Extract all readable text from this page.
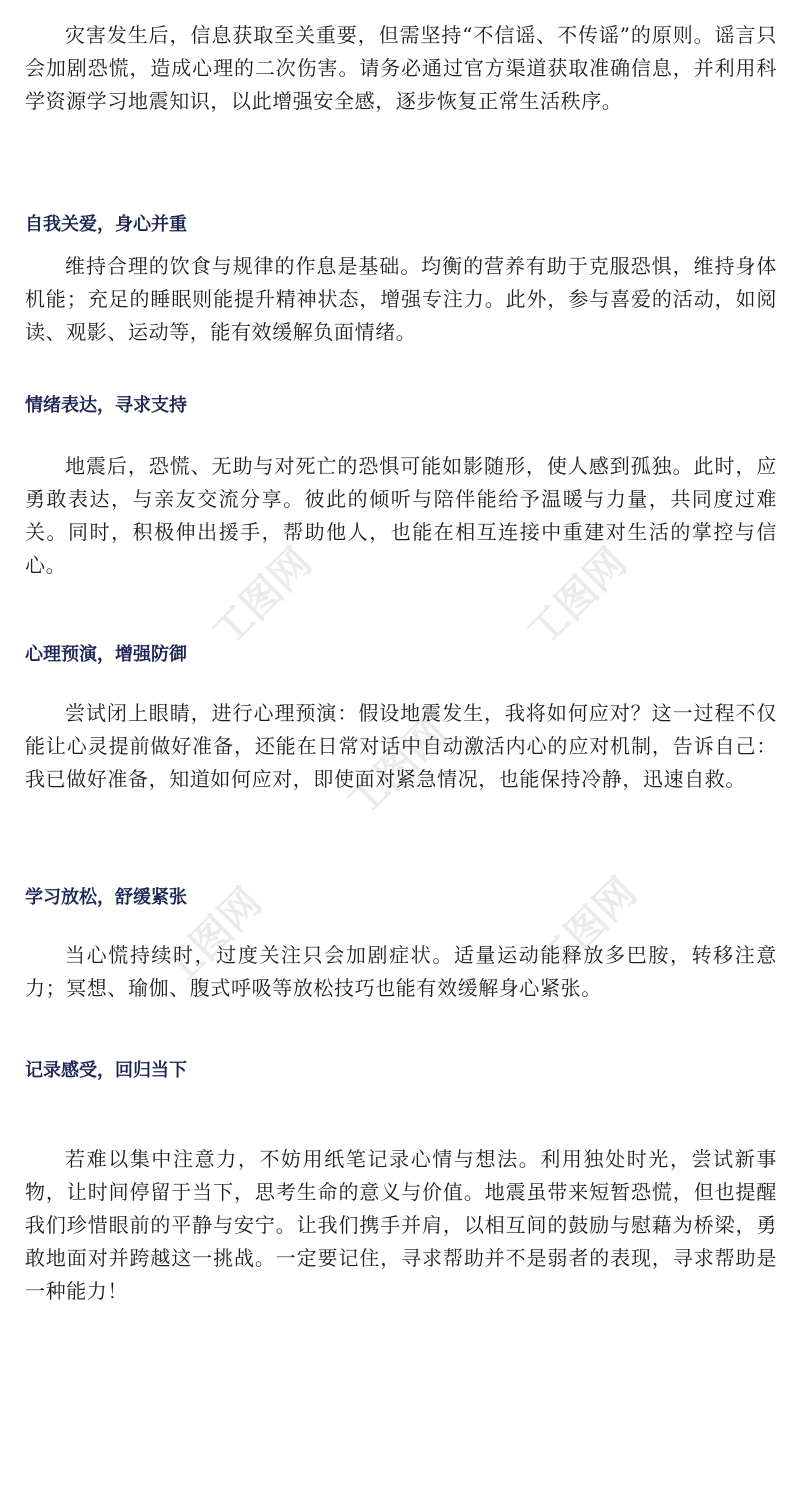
灾害发生后，信息获取至关重要，但需坚持“不信谣、不传谣”的原则。谣言只会加剧恐慌，造成心理的二次伤害。请务必通过官方渠道获取准确信息，并利用科学资源学习地震知识，以此增强安全感，逐步恢复正常生活秩序。

自我关爱，身心并重

维持合理的饮食与规律的作息是基础。均衡的营养有助于克服恐惧，维持身体机能；充足的睡眠则能提升精神状态，增强专注力。此外，参与喜爱的活动，如阅读、观影、运动等，能有效缓解负面情绪。

情绪表达，寻求支持

地震后，恐慌、无助与对死亡的恐惧可能如影随形，使人感到孤独。此时，应勇敢表达，与亲友交流分享。彼此的倾听与陪伴能给予温暖与力量，共同度过难关。同时，积极伸出援手，帮助他人，也能在相互连接中重建对生活的掌控与信心。

心理预演，增强防御

尝试闭上眼睛，进行心理预演：假设地震发生，我将如何应对？这一过程不仅能让心灵提前做好准备，还能在日常对话中自动激活内心的应对机制，告诉自己：我已做好准备，知道如何应对，即使面对紧急情况，也能保持冷静，迅速自救。

学习放松，舒缓紧张

当心慌持续时，过度关注只会加剧症状。适量运动能释放多巴胺，转移注意力；冥想、瑜伽、腹式呼吸等放松技巧也能有效缓解身心紧张。

记录感受，回归当下

若难以集中注意力，不妨用纸笔记录心情与想法。利用独处时光，尝试新事物，让时间停留于当下，思考生命的意义与价值。地震虽带来短暂恐慌，但也提醒我们珍惜眼前的平静与安宁。让我们携手并肩，以相互间的鼓励与慰藉为桥梁，勇敢地面对并跨越这一挑战。一定要记住，寻求帮助并不是弱者的表现，寻求帮助是一种能力！

工图网	工图网
工图网
工图网	工图网
